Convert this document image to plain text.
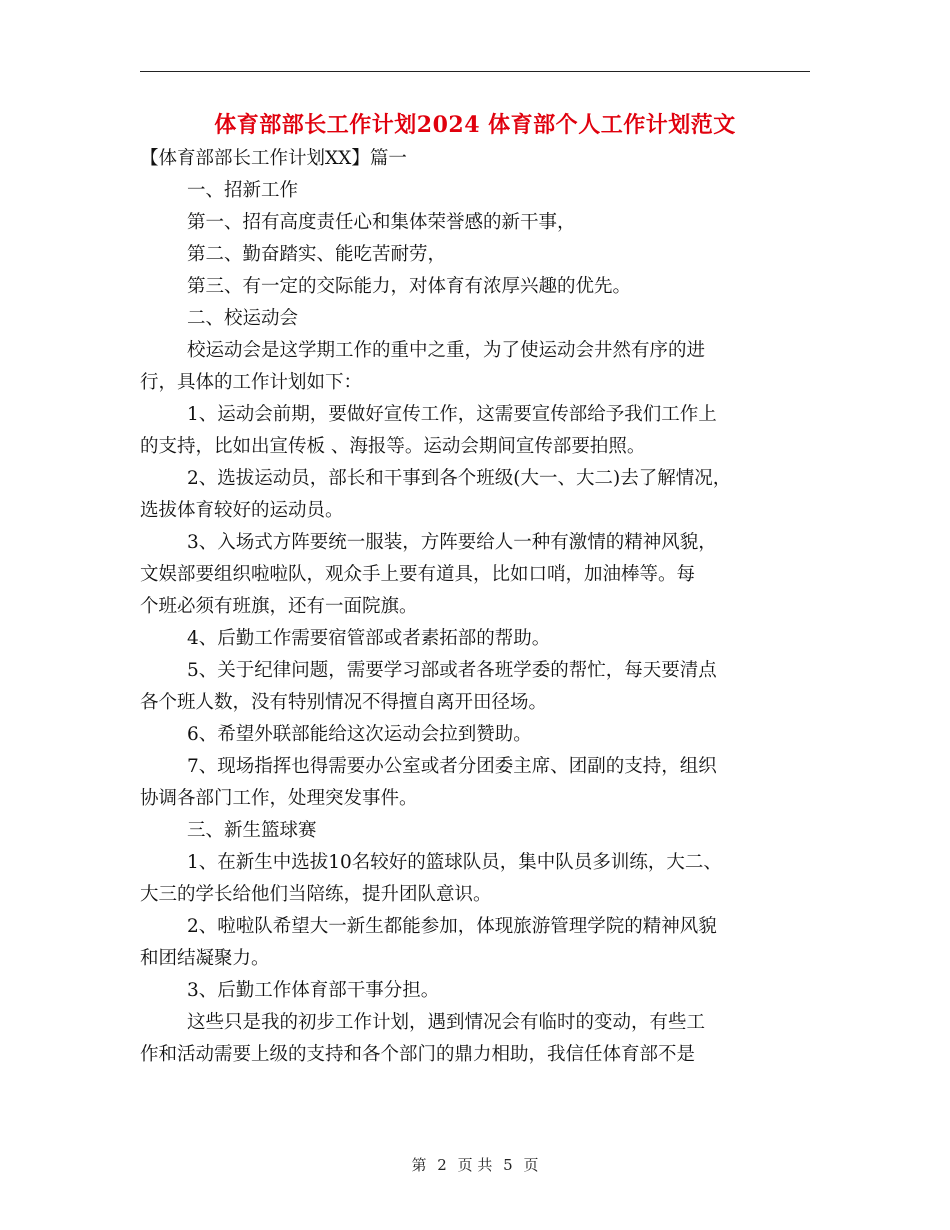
体育部部长工作计划2024 体育部个人工作计划范文

【体育部部长工作计划XX】篇一

一、招新工作

第一、招有高度责任心和集体荣誉感的新干事，

第二、勤奋踏实、能吃苦耐劳，

第三、有一定的交际能力，对体育有浓厚兴趣的优先。

二、校运动会

校运动会是这学期工作的重中之重，为了使运动会井然有序的进

行，具体的工作计划如下：

1、运动会前期，要做好宣传工作，这需要宣传部给予我们工作上

的支持，比如出宣传板 、海报等。运动会期间宣传部要拍照。

2、选拔运动员，部长和干事到各个班级(大一、大二)去了解情况，

选拔体育较好的运动员。

3、入场式方阵要统一服装，方阵要给人一种有激情的精神风貌，

文娱部要组织啦啦队，观众手上要有道具，比如口哨，加油棒等。每

个班必须有班旗，还有一面院旗。

4、后勤工作需要宿管部或者素拓部的帮助。

5、关于纪律问题，需要学习部或者各班学委的帮忙，每天要清点

各个班人数，没有特别情况不得擅自离开田径场。

6、希望外联部能给这次运动会拉到赞助。

7、现场指挥也得需要办公室或者分团委主席、团副的支持，组织

协调各部门工作，处理突发事件。

三、新生篮球赛

1、在新生中选拔10名较好的篮球队员，集中队员多训练，大二、

大三的学长给他们当陪练，提升团队意识。

2、啦啦队希望大一新生都能参加，体现旅游管理学院的精神风貌

和团结凝聚力。

3、后勤工作体育部干事分担。

这些只是我的初步工作计划，遇到情况会有临时的变动，有些工

作和活动需要上级的支持和各个部门的鼎力相助，我信任体育部不是

第 2 页 共 5 页
